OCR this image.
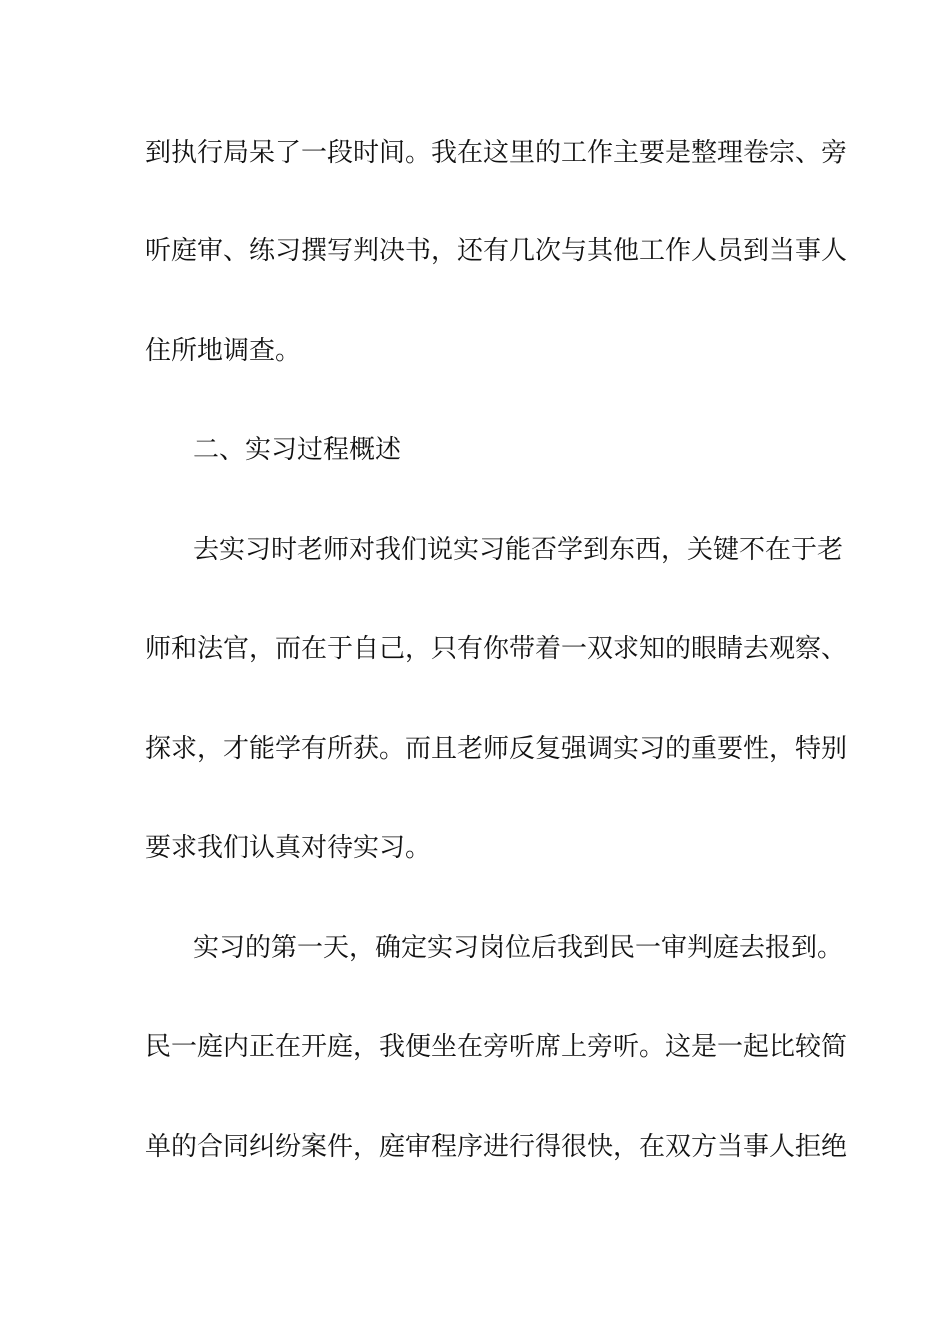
到执行局呆了一段时间。我在这里的工作主要是整理卷宗、旁
听庭审、练习撰写判决书，还有几次与其他工作人员到当事人
住所地调查。
二、实习过程概述
去实习时老师对我们说实习能否学到东西，关键不在于老
师和法官，而在于自己，只有你带着一双求知的眼睛去观察、
探求，才能学有所获。而且老师反复强调实习的重要性，特别
要求我们认真对待实习。
实习的第一天，确定实习岗位后我到民一审判庭去报到。
民一庭内正在开庭，我便坐在旁听席上旁听。这是一起比较简
单的合同纠纷案件，庭审程序进行得很快，在双方当事人拒绝
